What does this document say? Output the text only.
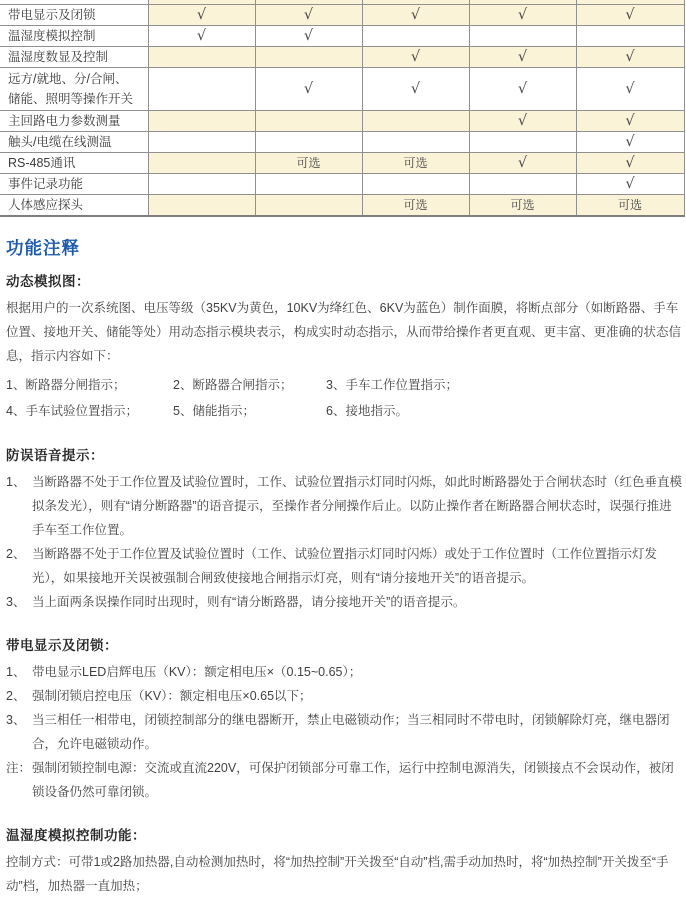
带电显示及闭锁	√	√	√	√	√
温湿度模拟控制	√	√			
温湿度数显及控制			√	√	√
远方/就地、分/合闸、
储能、照明等操作开关		√	√	√	√
主回路电力参数测量				√	√
触头/电缆在线测温					√
RS-485通讯		可选	可选	√	√
事件记录功能					√
人体感应探头			可选	可选	可选
功能注释
动态模拟图：

根据用户的一次系统图、电压等级（35KV为黄色，10KV为绛红色、6KV为蓝色）制作面膜，将断点部分（如断路器、手车位置、接地开关、储能等处）用动态指示模块表示，构成实时动态指示，从而带给操作者更直观、更丰富、更准确的状态信息，指示内容如下：

1、断路器分闸指示；	2、断路器合闸指示；	3、手车工作位置指示；
4、手车试验位置指示；	5、储能指示；	6、接地指示。
防误语音提示：
1、 当断路器不处于工作位置及试验位置时，工作、试验位置指示灯同时闪烁，如此时断路器处于合闸状态时（红色垂直模拟条发光），则有“请分断路器”的语音提示，至操作者分闸操作后止。以防止操作者在断路器合闸状态时，误强行推进手车至工作位置。
2、 当断路器不处于工作位置及试验位置时（工作、试验位置指示灯同时闪烁）或处于工作位置时（工作位置指示灯发光），如果接地开关误被强制合闸致使接地合闸指示灯亮，则有“请分接地开关”的语音提示。
3、 当上面两条误操作同时出现时，则有“请分断路器，请分接地开关”的语音提示。
带电显示及闭锁：
1、 带电显示LED启辉电压（KV）：额定相电压×（0.15~0.65）；
2、 强制闭锁启控电压（KV）：额定相电压×0.65以下；
3、 当三相任一相带电，闭锁控制部分的继电器断开，禁止电磁锁动作；当三相同时不带电时，闭锁解除灯亮，继电器闭合，允许电磁锁动作。
注： 强制闭锁控制电源：交流或直流220V，可保护闭锁部分可靠工作，运行中控制电源消失，闭锁接点不会误动作，被闭锁设备仍然可靠闭锁。
温湿度模拟控制功能：

控制方式：可带1或2路加热器,自动检测加热时，将“加热控制”开关拨至“自动”档,需手动加热时，将“加热控制”开关拨至“手动”档，加热器一直加热；
